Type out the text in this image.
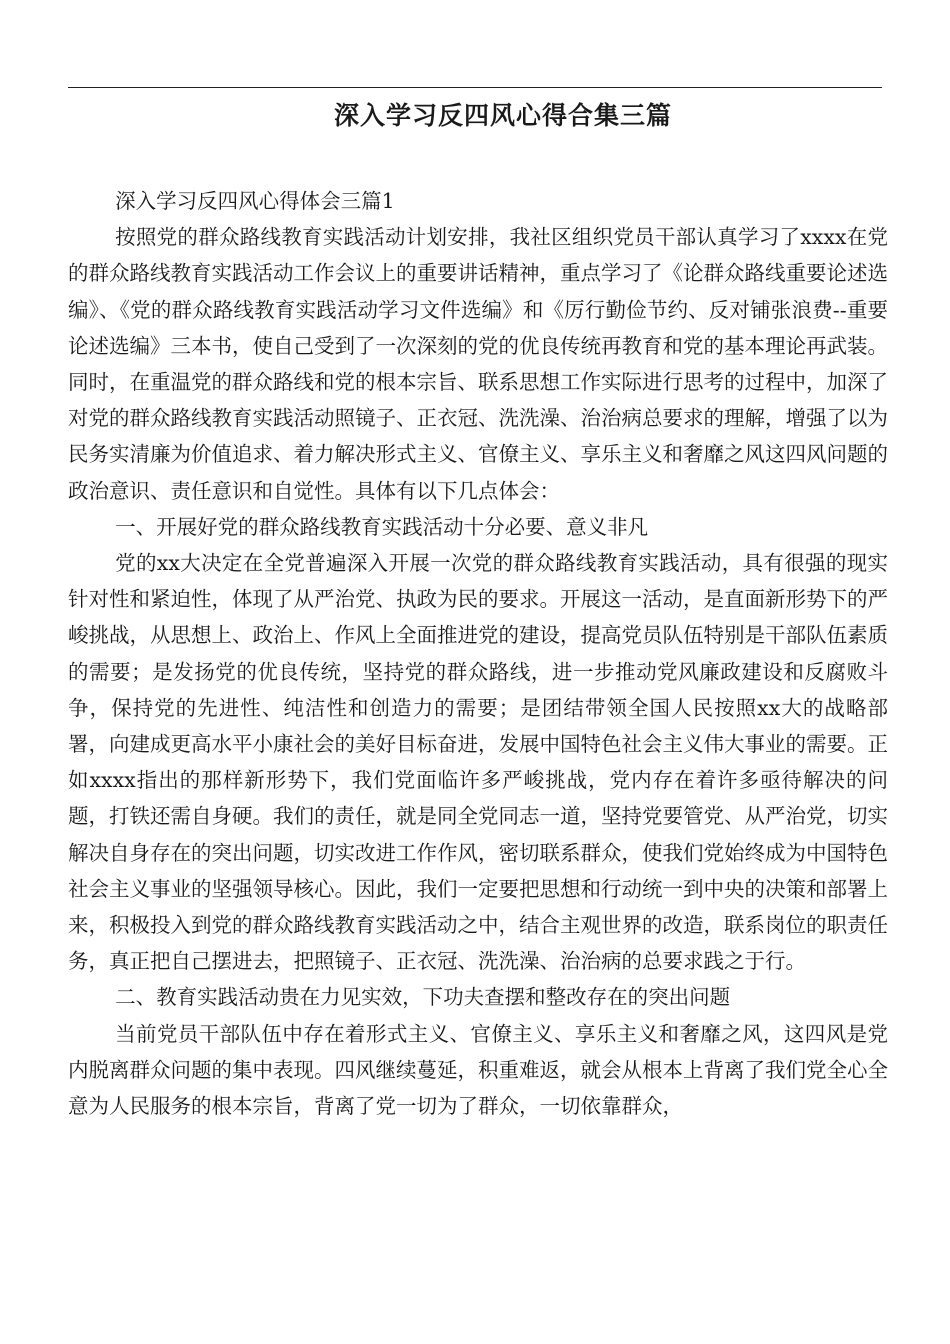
深入学习反四风心得合集三篇

深入学习反四风心得体会三篇1

按照党的群众路线教育实践活动计划安排，我社区组织党员干部认真学习了xxxx在党的群众路线教育实践活动工作会议上的重要讲话精神，重点学习了《论群众路线重要论述选编》、《党的群众路线教育实践活动学习文件选编》和《厉行勤俭节约、反对铺张浪费--重要论述选编》三本书，使自己受到了一次深刻的党的优良传统再教育和党的基本理论再武装。同时，在重温党的群众路线和党的根本宗旨、联系思想工作实际进行思考的过程中，加深了对党的群众路线教育实践活动照镜子、正衣冠、洗洗澡、治治病总要求的理解，增强了以为民务实清廉为价值追求、着力解决形式主义、官僚主义、享乐主义和奢靡之风这四风问题的政治意识、责任意识和自觉性。具体有以下几点体会：

一、开展好党的群众路线教育实践活动十分必要、意义非凡

党的xx大决定在全党普遍深入开展一次党的群众路线教育实践活动，具有很强的现实针对性和紧迫性，体现了从严治党、执政为民的要求。开展这一活动，是直面新形势下的严峻挑战，从思想上、政治上、作风上全面推进党的建设，提高党员队伍特别是干部队伍素质的需要；是发扬党的优良传统，坚持党的群众路线，进一步推动党风廉政建设和反腐败斗争，保持党的先进性、纯洁性和创造力的需要；是团结带领全国人民按照xx大的战略部署，向建成更高水平小康社会的美好目标奋进，发展中国特色社会主义伟大事业的需要。正如xxxx指出的那样新形势下，我们党面临许多严峻挑战，党内存在着许多亟待解决的问题，打铁还需自身硬。我们的责任，就是同全党同志一道，坚持党要管党、从严治党，切实解决自身存在的突出问题，切实改进工作作风，密切联系群众，使我们党始终成为中国特色社会主义事业的坚强领导核心。因此，我们一定要把思想和行动统一到中央的决策和部署上来，积极投入到党的群众路线教育实践活动之中，结合主观世界的改造，联系岗位的职责任务，真正把自己摆进去，把照镜子、正衣冠、洗洗澡、治治病的总要求践之于行。

二、教育实践活动贵在力见实效，下功夫查摆和整改存在的突出问题

当前党员干部队伍中存在着形式主义、官僚主义、享乐主义和奢靡之风，这四风是党内脱离群众问题的集中表现。四风继续蔓延，积重难返，就会从根本上背离了我们党全心全意为人民服务的根本宗旨，背离了党一切为了群众，一切依靠群众，
